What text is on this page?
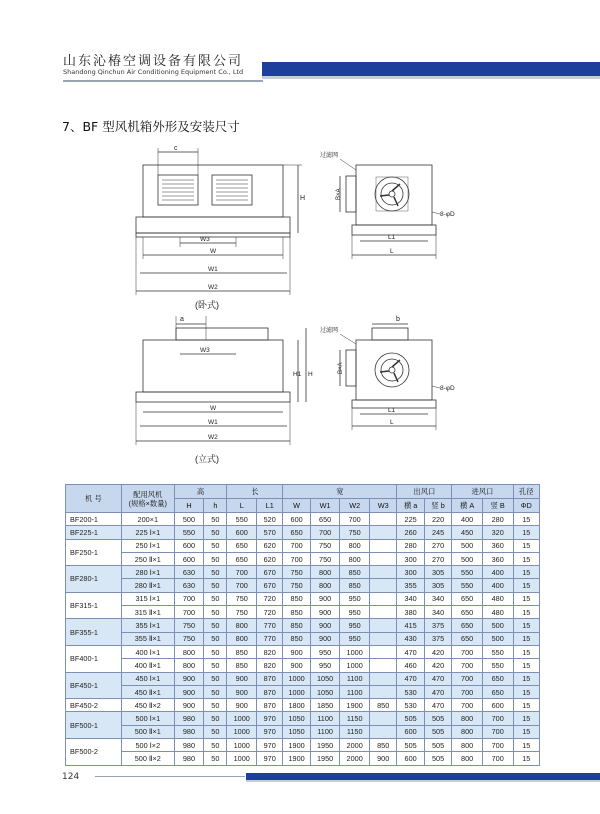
山东沁椿空调设备有限公司
Shandong Qinchun Air Conditioning Equipment Co., Ltd
7、BF 型风机箱外形及安装尺寸
c
H
W3
W
W1
W2
(卧式)
过滤网
B×A
8-φD
L1
L
a
W3
H1 H
W
W1
W2
(立式)
b
过滤网
B×A
8-φD
L1
L
机 号	配用风机
(规格×数量)	高		长		宽				出风口		进风口		孔径
		H	h	L	L1	W	W1	W2	W3	横 a	竖 b	横 A	竖 B	ΦD
BF200-1	200×1	500	50	550	520	600	650	700		225	220	400	280	15
BF225-1	225 Ⅰ×1	550	50	600	570	650	700	750		260	245	450	320	15
BF250-1	250 Ⅰ×1	600	50	650	620	700	750	800		280	270	500	360	15
	250 Ⅱ×1	600	50	650	620	700	750	800		300	270	500	360	15
BF280-1	280 Ⅰ×1	630	50	700	670	750	800	850		300	305	550	400	15
	280 Ⅱ×1	630	50	700	670	750	800	850		355	305	550	400	15
BF315-1	315 Ⅰ×1	700	50	750	720	850	900	950		340	340	650	480	15
	315 Ⅱ×1	700	50	750	720	850	900	950		380	340	650	480	15
BF355-1	355 Ⅰ×1	750	50	800	770	850	900	950		415	375	650	500	15
	355 Ⅱ×1	750	50	800	770	850	900	950		430	375	650	500	15
BF400-1	400 Ⅰ×1	800	50	850	820	900	950	1000		470	420	700	550	15
	400 Ⅱ×1	800	50	850	820	900	950	1000		460	420	700	550	15
BF450-1	450 Ⅰ×1	900	50	900	870	1000	1050	1100		470	470	700	650	15
	450 Ⅱ×1	900	50	900	870	1000	1050	1100		530	470	700	650	15
BF450-2	450 Ⅱ×2	900	50	900	870	1800	1850	1900	850	530	470	700	600	15
BF500-1	500 Ⅰ×1	980	50	1000	970	1050	1100	1150		505	505	800	700	15
	500 Ⅱ×1	980	50	1000	970	1050	1100	1150		600	505	800	700	15
BF500-2	500 Ⅰ×2	980	50	1000	970	1900	1950	2000	850	505	505	800	700	15
	500 Ⅱ×2	980	50	1000	970	1900	1950	2000	900	600	505	800	700	15
124
